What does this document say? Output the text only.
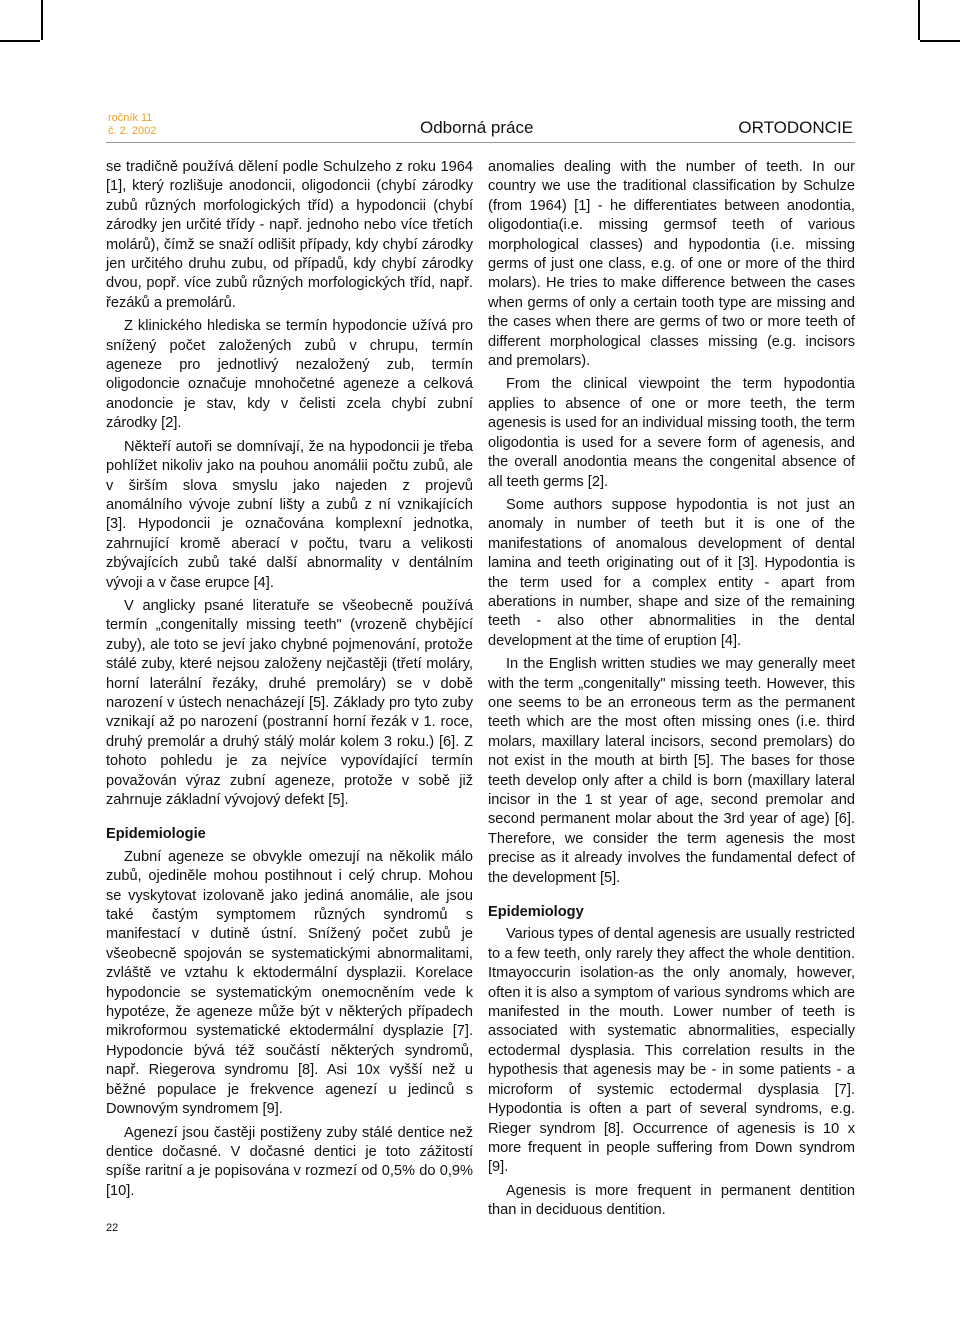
ročník 11
č. 2. 2002	Odborná práce	ORTODONCIE

se tradičně používá dělení podle Schulzeho z roku 1964 [1], který rozlišuje anodoncii, oligodoncii (chybí zárodky zubů různých morfologických tříd) a hypodoncii (chybí zárodky jen určité třídy - např. jednoho nebo více třetích molárů), čímž se snaží odlišit případy, kdy chybí zárodky jen určitého druhu zubu, od případů, kdy chybí zárodky dvou, popř. více zubů různých morfologických tříd, např. řezáků a premolárů.

Z klinického hlediska se termín hypodoncie užívá pro snížený počet založených zubů v chrupu, termín ageneze pro jednotlivý nezaložený zub, termín oligodoncie označuje mnohočetné ageneze a celková anodoncie je stav, kdy v čelisti zcela chybí zubní zárodky [2].

Někteří autoři se domnívají, že na hypodoncii je třeba pohlížet nikoliv jako na pouhou anomálii počtu zubů, ale v širším slova smyslu jako najeden z projevů anomálního vývoje zubní lišty a zubů z ní vznikajících [3]. Hypodoncii je označována komplexní jednotka, zahrnující kromě aberací v počtu, tvaru a velikosti zbývajících zubů také další abnormality v dentálním vývoji a v čase erupce [4].

V anglicky psané literatuře se všeobecně používá termín „congenitally missing teeth" (vrozeně chybějící zuby), ale toto se jeví jako chybné pojmenování, protože stálé zuby, které nejsou založeny nejčastěji (třetí moláry, horní laterální řezáky, druhé premoláry) se v době narození v ústech nenacházejí [5]. Základy pro tyto zuby vznikají až po narození (postranní horní řezák v 1. roce, druhý premolár a druhý stálý molár kolem 3 roku.) [6]. Z tohoto pohledu je za nejvíce vypovídající termín považován výraz zubní ageneze, protože v sobě již zahrnuje základní vývojový defekt [5].

Epidemiologie

Zubní ageneze se obvykle omezují na několik málo zubů, ojediněle mohou postihnout i celý chrup. Mohou se vyskytovat izolovaně jako jediná anomálie, ale jsou také častým symptomem různých syndromů s manifestací v dutině ústní. Snížený počet zubů je všeobecně spojován se systematickými abnormalitami, zvláště ve vztahu k ektodermální dysplazii. Korelace hypodoncie se systematickým onemocněním vede k hypotéze, že ageneze může být v některých případech mikroformou systematické ektodermální dysplazie [7]. Hypodoncie bývá též součástí některých syndromů, např. Riegerova syndromu [8]. Asi 10x vyšší než u běžné populace je frekvence agenezí u jedinců s Downovým syndromem [9].

Agenezí jsou častěji postiženy zuby stálé dentice než dentice dočasné. V dočasné dentici je toto zážitostí spíše raritní a je popisována v rozmezí od 0,5% do 0,9% [10].

anomalies dealing with the number of teeth. In our country we use the traditional classification by Schulze (from 1964) [1] - he differentiates between anodontia, oligodontia(i.e. missing germsof teeth of various morphological classes) and hypodontia (i.e. missing germs of just one class, e.g. of one or more of the third molars). He tries to make difference between the cases when germs of only a certain tooth type are missing and the cases when there are germs of two or more teeth of different morphological classes missing (e.g. incisors and premolars).

From the clinical viewpoint the term hypodontia applies to absence of one or more teeth, the term agenesis is used for an individual missing tooth, the term oligodontia is used for a severe form of agenesis, and the overall anodontia means the congenital absence of all teeth germs [2].

Some authors suppose hypodontia is not just an anomaly in number of teeth but it is one of the manifestations of anomalous development of dental lamina and teeth originating out of it [3]. Hypodontia is the term used for a complex entity - apart from aberations in number, shape and size of the remaining teeth - also other abnormalities in the dental development at the time of eruption [4].

In the English written studies we may generally meet with the term „congenitally" missing teeth. However, this one seems to be an erroneous term as the permanent teeth which are the most often missing ones (i.e. third molars, maxillary lateral incisors, second premolars) do not exist in the mouth at birth [5]. The bases for those teeth develop only after a child is born (maxillary lateral incisor in the 1 st year of age, second premolar and second permanent molar about the 3rd year of age) [6]. Therefore, we consider the term agenesis the most precise as it already involves the fundamental defect of the development [5].

Epidemiology

Various types of dental agenesis are usually restricted to a few teeth, only rarely they affect the whole dentition. Itmayoccurin isolation-as the only anomaly, however, often it is also a symptom of various syndroms which are manifested in the mouth. Lower number of teeth is associated with systematic abnormalities, especially ectodermal dysplasia. This correlation results in the hypothesis that agenesis may be - in some patients - a microform of systemic ectodermal dysplasia [7]. Hypodontia is often a part of several syndroms, e.g. Rieger syndrom [8]. Occurrence of agenesis is 10 x more frequent in people suffering from Down syndrom [9].

Agenesis is more frequent in permanent dentition than in deciduous dentition.

22
